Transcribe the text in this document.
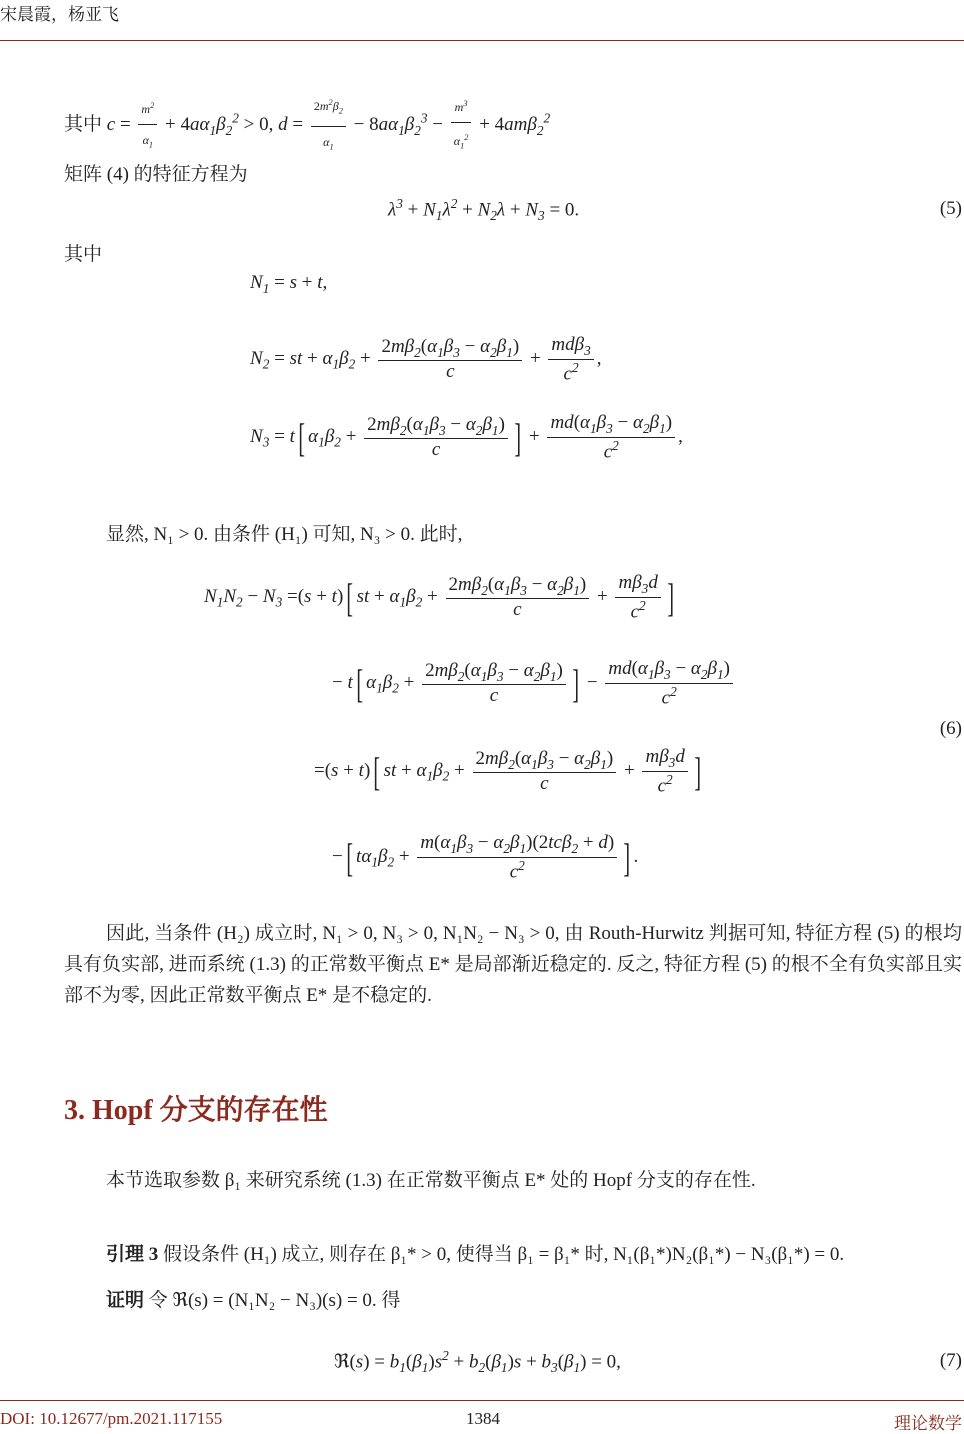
宋晨霞，杨亚飞
其中 $c = \frac{m^2}{\alpha_1} + 4a\alpha_1\beta_2^2 > 0$, $d = \frac{2m^2\beta_2}{\alpha_1} - 8a\alpha_1\beta_2^3 - \frac{m^3}{\alpha_1^2} + 4am\beta_2^2$
矩阵 (4) 的特征方程为
$\lambda^3 + N_1\lambda^2 + N_2\lambda + N_3 = 0$.	(5)
其中
$N_1 = s + t$,
$N_2$ = st + $\alpha_1\beta_2 + \frac{2m\beta_2(\alpha_1\beta_3 - \alpha_2\beta_1)}{c} + \frac{md\beta_3}{c^2}$ ,
$N_3 = t$[ $\alpha_1\beta_2 + \frac{2m\beta_2(\alpha_1\beta_3 - \alpha_2\beta_1)}{c}$ ] + $\frac{md(\alpha_1\beta_3 - \alpha_2\beta_1)}{c^2}$ ,
显然, N₁ > 0. 由条件 (H₁) 可知, N₃ > 0. 此时,
$N_1N_2 - N_3 =(s + t)$[ st + $\alpha_1\beta_2 + \frac{2m\beta_2(\alpha_1\beta_3 - \alpha_2\beta_1)}{c} + \frac{m\beta_3d}{c^2}$ ]
− t[ $\alpha_1\beta_2 + \frac{2m\beta_2(\alpha_1\beta_3 - \alpha_2\beta_1)}{c}$ ] − $\frac{md(\alpha_1\beta_3 - \alpha_2\beta_1)}{c^2}$
(6)
=(s + t)[ st + $\alpha_1\beta_2 + \frac{2m\beta_2(\alpha_1\beta_3 - \alpha_2\beta_1)}{c} + \frac{m\beta_3d}{c^2}$ ]
−[ $t\alpha_1\beta_2 + \frac{m(\alpha_1\beta_3 - \alpha_2\beta_1)(2tc\beta_2 + d)}{c^2}$ ] .
因此, 当条件 (H₂) 成立时, N₁ > 0, N₃ > 0, N₁N₂ − N₃ > 0, 由 Routh-Hurwitz 判据可知, 特征方程 (5) 的根均具有负实部, 进而系统 (1.3) 的正常数平衡点 E* 是局部渐近稳定的. 反之, 特征方程 (5) 的根不全有负实部且实部不为零, 因此正常数平衡点 E* 是不稳定的.
3. Hopf 分支的存在性
本节选取参数 β₁ 来研究系统 (1.3) 在正常数平衡点 E* 处的 Hopf 分支的存在性.
引理 3 假设条件 (H₁) 成立, 则存在 β₁* > 0, 使得当 β₁ = β₁* 时, N₁(β₁*)N₂(β₁*) − N₃(β₁*) = 0.
证明 令 ℜ(s) = (N₁N₂ − N₃)(s) = 0. 得
ℜ(s) = $b_1(\beta_1)s^2 + b_2(\beta_1)s + b_3(\beta_1) = 0$,	(7)
DOI: 10.12677/pm.2021.117155	1384	理论数学
